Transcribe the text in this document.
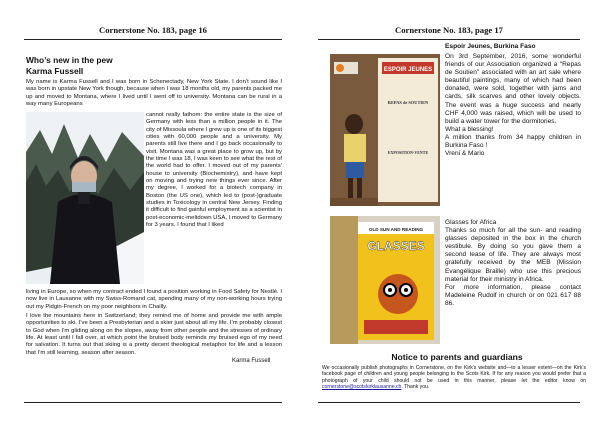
Cornerstone No. 183, page 16
Who’s new in the pew
Karma Fussell
My name is Karma Fussell and I was born in Schenectady, New York State. I don’t sound like I was born in upstate New York though, because when I was 18 months old, my parents packed me up and moved to Montana, where I lived until I went off to university. Montana can be rural in a way many Europeans
cannot really fathom: the entire state is the size of Germany with less than a million people in it. The city of Missoula where I grew up is one of its biggest cities with 60,000 people and a university. My parents still live there and I go back occasionally to visit. Montana was a great place to grow up, but by the time I was 18, I was keen to see what the rest of the world had to offer. I moved out of my parents’ house to university (Biochemistry), and have kept on moving and trying new things ever since. After my degree, I worked for a biotech company in Boston (the US one), which led to (post-)graduate studies in Toxicology in central New Jersey. Finding it difficult to find gainful employment as a scientist in post-economic-meltdown USA, I moved to Germany for 3 years. I found that I liked
living in Europe, so when my contract ended I found a position working in Food Safety for Nestlé. I now live in Lausanne with my Swiss-Romand cat, spending many of my non-working hours trying out my Pidgin-French on my poor neighbors in Chailly.
I love the mountains here in Switzerland; they remind me of home and provide me with ample opportunities to ski. I’ve been a Presbyterian and a skier just about all my life. I’m probably closest to God when I’m gliding along on the slopes, away from other people and the stresses of ordinary life. At least until I fall over, at which point the bruised body reminds my bruised ego of my need for salvation. It turns out that skiing is a pretty decent theological metaphor for life and a lesson that I’m still learning, season after season.
Karma Fussell
Cornerstone No. 183, page 17
ESPOIR JEUNES
REPAS de SOUTIEN
EXPOSITION-VENTE
Espoir Jeunes, Burkina Faso
On 3rd September, 2016, some wonderful friends of our Association organized a "Repas de Soutien" associated with an art sale where beautiful paintings, many of which had been donated, were sold, together with jams and cards, silk scarves and other lovely objects. The event was a huge success and nearly CHF 4,000 was raised, which will be used to build a water tower for the dormitories.
What a blessing!
A million thanks from 34 happy children in Burkina Faso !
Vreni & Mario
OLD SUN AND READING
GLASSES
Glasses for Africa
Thanks so much for all the sun- and reading glasses deposited in the box in the church vestibule. By doing so you gave them a second lease of life. They are always most gratefully received by the MEB (Mission Evangélique Braille) who use this precious material for their ministry in Africa.
For more information, please contact Madeleine Rudolf in church or on 021 617 88 86.
Notice to parents and guardians
We occasionally publish photographs in Cornerstone, on the Kirk’s website and—to a lesser extent—on the Kirk’s facebook page of children and young people belonging to the Scots Kirk. If for any reason you would prefer that a photograph of your child should not be used in this manner, please let the editor know on cornerstone@scotskirklausanne.ch. Thank you.
